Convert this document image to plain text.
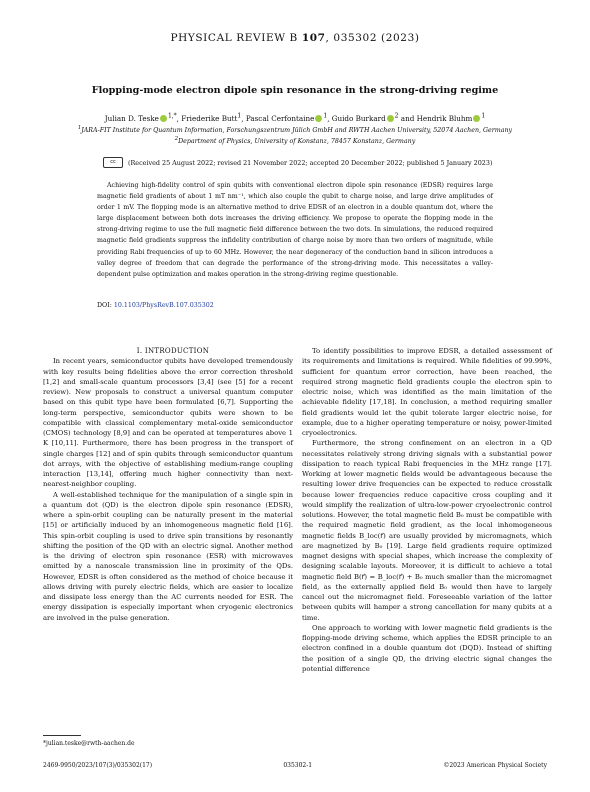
PHYSICAL REVIEW B 107, 035302 (2023)
Flopping-mode electron dipole spin resonance in the strong-driving regime
Julian D. Teske $^{1,*}$, Friederike Butt$^1$, Pascal Cerfontaine $^1$, Guido Burkard $^2$ and Hendrik Bluhm $^1$
$^1$JARA-FIT Institute for Quantum Information, Forschungszentrum Jülich GmbH and RWTH Aachen University, 52074 Aachen, Germany
$^2$Department of Physics, University of Konstanz, 78457 Konstanz, Germany
cc	(Received 25 August 2022; revised 21 November 2022; accepted 20 December 2022; published 5 January 2023)

Achieving high-fidelity control of spin qubits with conventional electron dipole spin resonance (EDSR) requires large magnetic field gradients of about 1 mT nm⁻¹, which also couple the qubit to charge noise, and large drive amplitudes of order 1 mV. The flopping mode is an alternative method to drive EDSR of an electron in a double quantum dot, where the large displacement between both dots increases the driving efficiency. We propose to operate the flopping mode in the strong-driving regime to use the full magnetic field difference between the two dots. In simulations, the reduced required magnetic field gradients suppress the infidelity contribution of charge noise by more than two orders of magnitude, while providing Rabi frequencies of up to 60 MHz. However, the near degeneracy of the conduction band in silicon introduces a valley degree of freedom that can degrade the performance of the strong-driving mode. This necessitates a valley-dependent pulse optimization and makes operation in the strong-driving regime questionable.

DOI: 10.1103/PhysRevB.107.035302

I. INTRODUCTION

In recent years, semiconductor qubits have developed tremendously with key results being fidelities above the error correction threshold [1,2] and small-scale quantum processors [3,4] (see [5] for a recent review). New proposals to construct a universal quantum computer based on this qubit type have been formulated [6,7]. Supporting the long-term perspective, semiconductor qubits were shown to be compatible with classical complementary metal-oxide semiconductor (CMOS) technology [8,9] and can be operated at temperatures above 1 K [10,11]. Furthermore, there has been progress in the transport of single charges [12] and of spin qubits through semiconductor quantum dot arrays, with the objective of establishing medium-range coupling interaction [13,14], offering much higher connectivity than next-nearest-neighbor coupling.

A well-established technique for the manipulation of a single spin in a quantum dot (QD) is the electron dipole spin resonance (EDSR), where a spin-orbit coupling can be naturally present in the material [15] or artificially induced by an inhomogeneous magnetic field [16]. This spin-orbit coupling is used to drive spin transitions by resonantly shifting the position of the QD with an electric signal. Another method is the driving of electron spin resonance (ESR) with microwaves emitted by a nanoscale transmission line in proximity of the QDs. However, EDSR is often considered as the method of choice because it allows driving with purely electric fields, which are easier to localize and dissipate less energy than the AC currents needed for ESR. The energy dissipation is especially important when cryogenic electronics are involved in the pulse generation.

To identify possibilities to improve EDSR, a detailed assessment of its requirements and limitations is required. While fidelities of 99.99%, sufficient for quantum error correction, have been reached, the required strong magnetic field gradients couple the electron spin to electric noise, which was identified as the main limitation of the achievable fidelity [17,18]. In conclusion, a method requiring smaller field gradients would let the qubit tolerate larger electric noise, for example, due to a higher operating temperature or noisy, power-limited cryoelectronics.

Furthermore, the strong confinement on an electron in a QD necessitates relatively strong driving signals with a substantial power dissipation to reach typical Rabi frequencies in the MHz range [17]. Working at lower magnetic fields would be advantageous because the resulting lower drive frequencies can be expected to reduce crosstalk because lower frequencies reduce capacitive cross coupling and it would simplify the realization of ultra-low-power cryoelectronic control solutions. However, the total magnetic field B₀ must be compatible with the required magnetic field gradient, as the local inhomogeneous magnetic fields B_loc(r⃗) are usually provided by micromagnets, which are magnetized by B₀ [19]. Large field gradients require optimized magnet designs with special shapes, which increase the complexity of designing scalable layouts. Moreover, it is difficult to achieve a total magnetic field B(r⃗) = B_loc(r⃗) + B₀ much smaller than the micromagnet field, as the externally applied field B₀ would then have to largely cancel out the micromagnet field. Foreseeable variation of the latter between qubits will hamper a strong cancellation for many qubits at a time.

One approach to working with lower magnetic field gradients is the flopping-mode driving scheme, which applies the EDSR principle to an electron confined in a double quantum dot (DQD). Instead of shifting the position of a single QD, the driving electric signal changes the potential difference

*julian.teske@rwth-aachen.de
2469-9950/2023/107(3)/035302(17)	035302-1	©2023 American Physical Society
